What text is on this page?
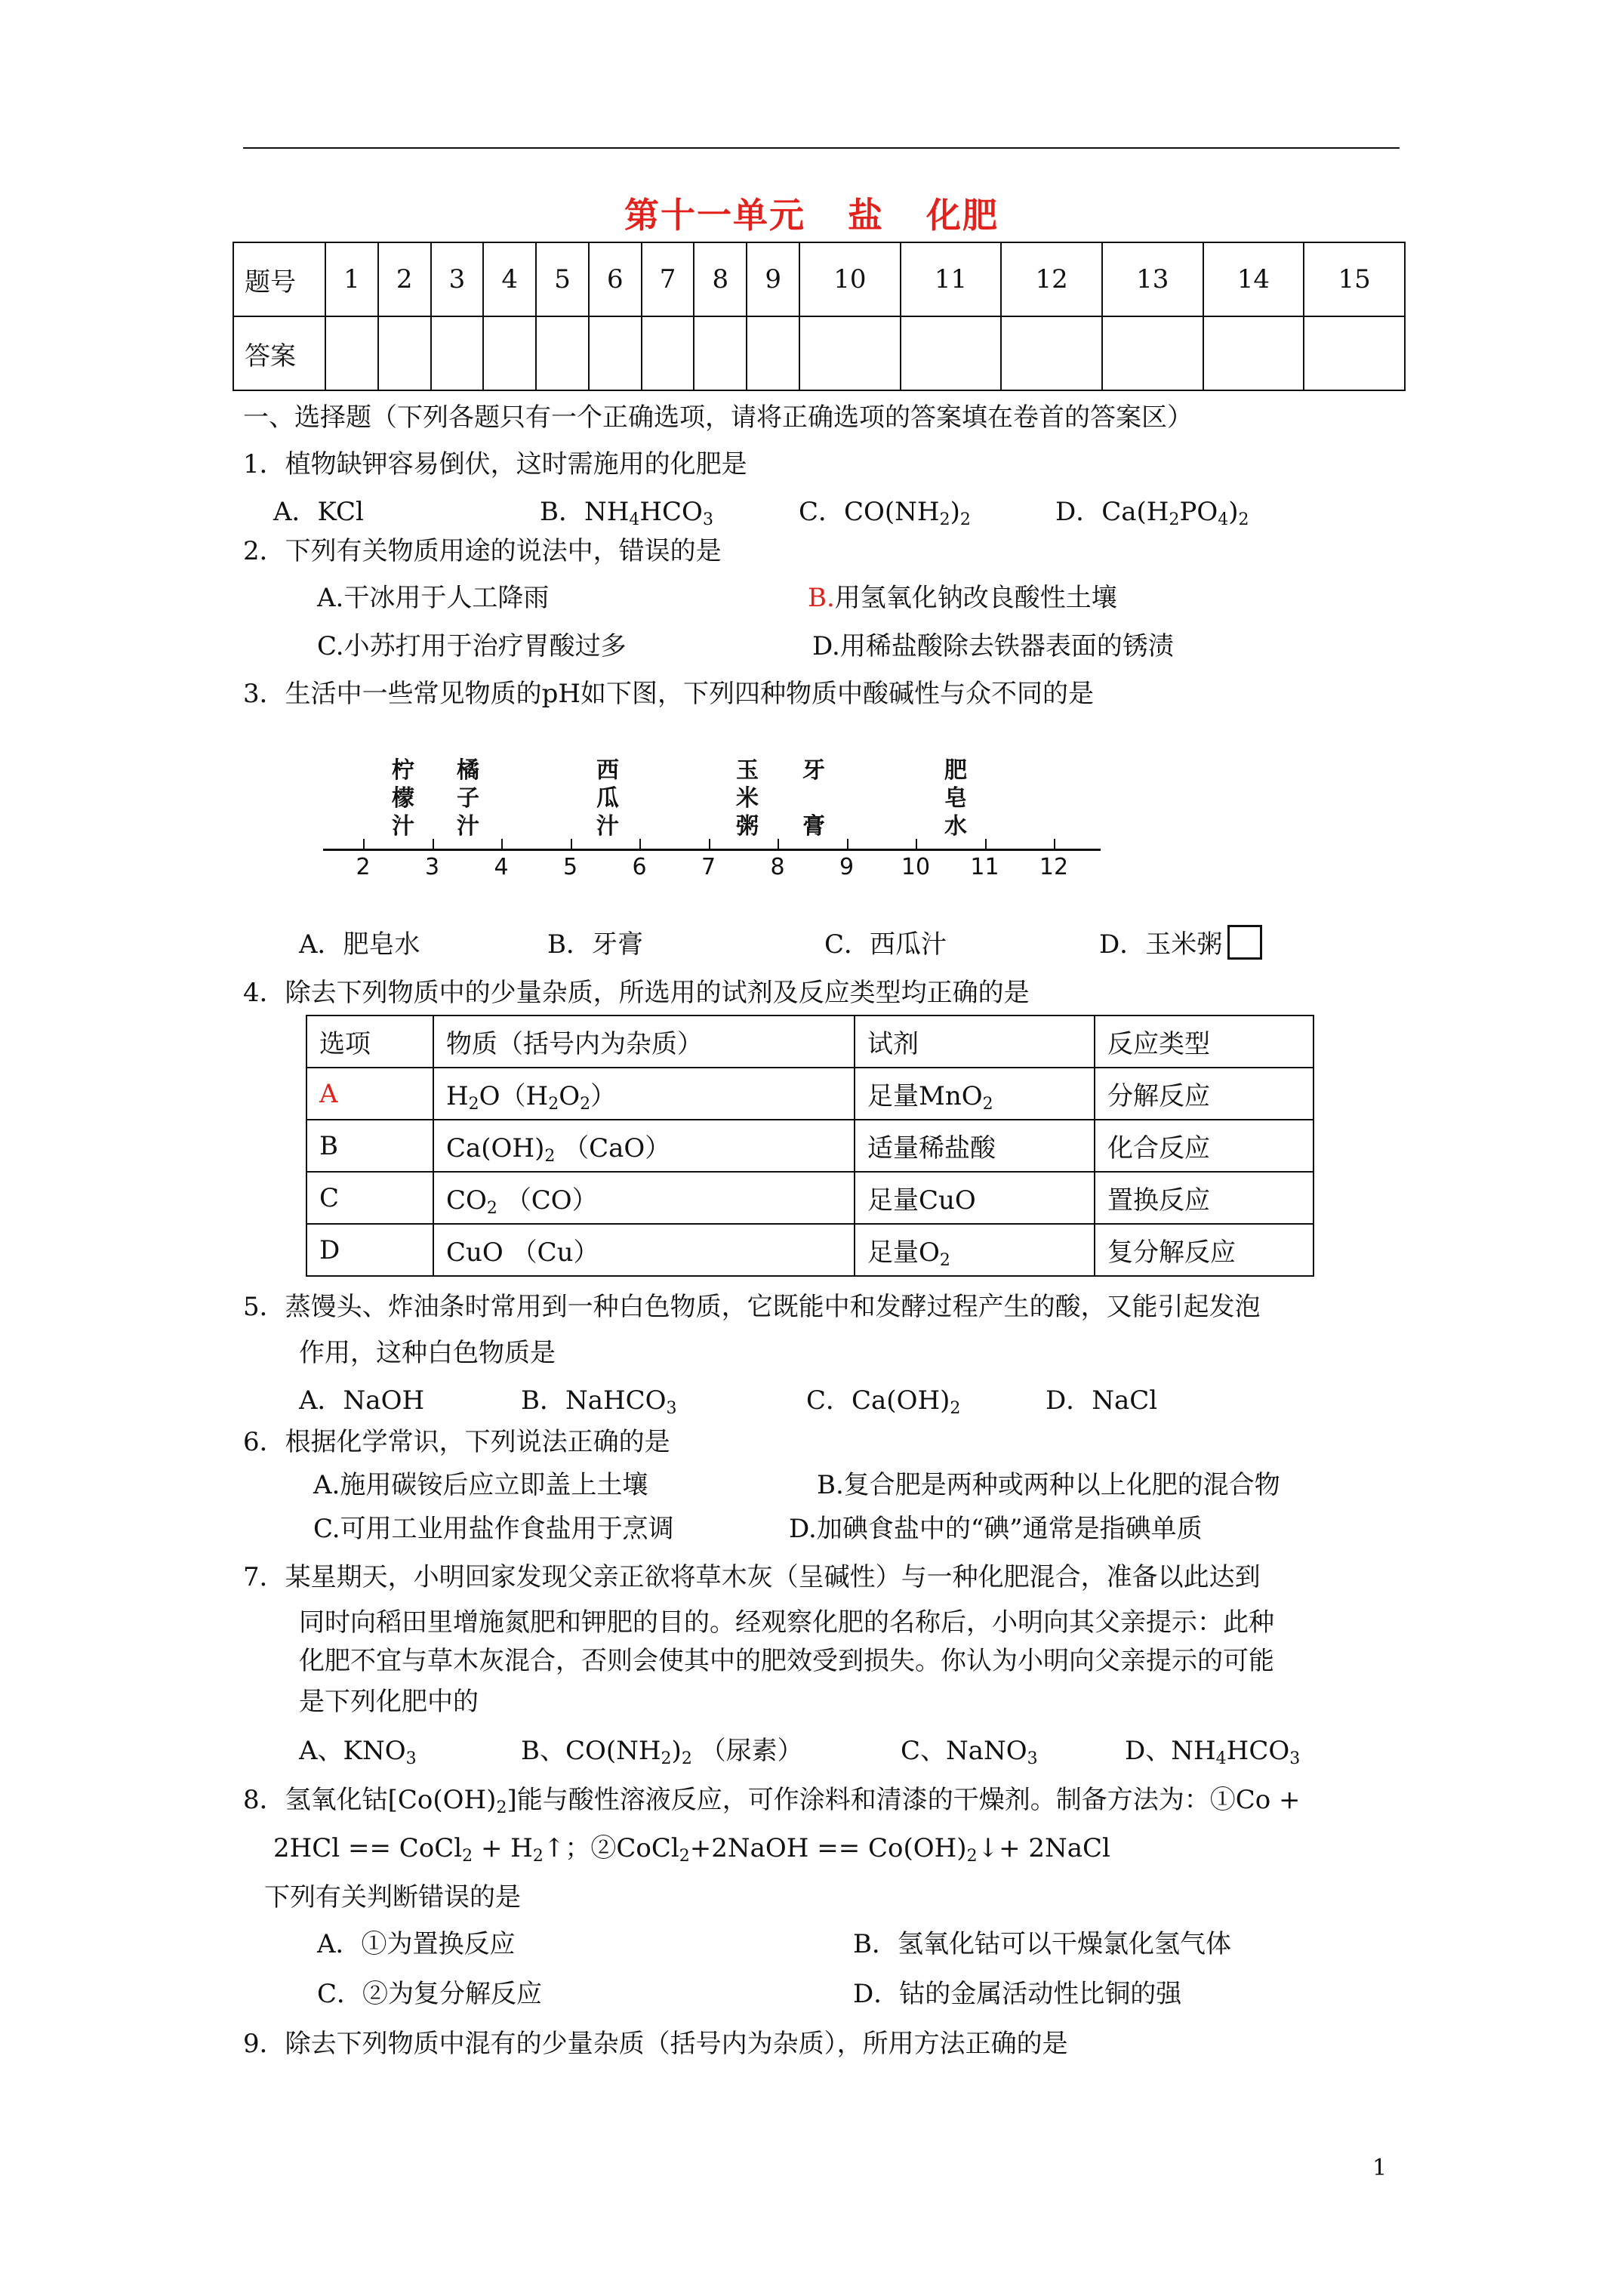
第十一单元 盐 化肥
题号	1	2	3	4	5	6	7	8	9	10	11	12	13	14	15
答案															
一、选择题（下列各题只有一个正确选项，请将正确选项的答案填在卷首的答案区）
1．植物缺钾容易倒伏，这时需施用的化肥是
A．KCl	B．$NH_4HCO_3$	C．$CO(NH_2)_2$	D．$Ca(H_2PO_4)_2$
2．下列有关物质用途的说法中，错误的是
A.干冰用于人工降雨	B.用氢氧化钠改良酸性土壤
C.小苏打用于治疗胃酸过多	D.用稀盐酸除去铁器表面的锈渍
3．生活中一些常见物质的pH如下图，下列四种物质中酸碱性与众不同的是
2	3	4	5	6	7	8	9	10	11	12
柠
檬
汁
橘
子
汁
西
瓜
汁
玉
米
粥
牙

膏
肥
皂
水
A．肥皂水	B．牙膏	C．西瓜汁	D．玉米粥
4．除去下列物质中的少量杂质，所选用的试剂及反应类型均正确的是
选项	物质（括号内为杂质）	试剂	反应类型
A	$H_2O(H_2O_2)$	足量MnO$_2$	分解反应
B	$Ca(OH)_2$ （CaO）	适量稀盐酸	化合反应
C	$CO_2$ （CO）	足量CuO	置换反应
D	CuO （Cu）	足量$O_2$	复分解反应
5．蒸馒头、炸油条时常用到一种白色物质，它既能中和发酵过程产生的酸，又能引起发泡
作用，这种白色物质是
A．NaOH	B．NaHCO$_3$	C．$Ca(OH)_2$	D．NaCl
6．根据化学常识，下列说法正确的是
A.施用碳铵后应立即盖上土壤	B.复合肥是两种或两种以上化肥的混合物
C.可用工业用盐作食盐用于烹调	D.加碘食盐中的“碘”通常是指碘单质
7．某星期天，小明回家发现父亲正欲将草木灰（呈碱性）与一种化肥混合，准备以此达到
同时向稻田里增施氮肥和钾肥的目的。经观察化肥的名称后，小明向其父亲提示：此种
化肥不宜与草木灰混合，否则会使其中的肥效受到损失。你认为小明向父亲提示的可能
是下列化肥中的
A、$KNO_3$	B、$CO(NH_2)_2$ （尿素）	C、NaNO$_3$	D、$NH_4HCO_3$
8．氢氧化钴$[Co(OH)_2]$能与酸性溶液反应，可作涂料和清漆的干燥剂。制备方法为：①Co +
2HCl == CoCl$_2$ + $H_2↑$；②CoCl$_2$+2NaOH == $Co(OH)_2↓+$ 2NaCl
下列有关判断错误的是
A．①为置换反应	B．氢氧化钴可以干燥氯化氢气体
C．②为复分解反应	D．钴的金属活动性比铜的强
9．除去下列物质中混有的少量杂质（括号内为杂质），所用方法正确的是
1
